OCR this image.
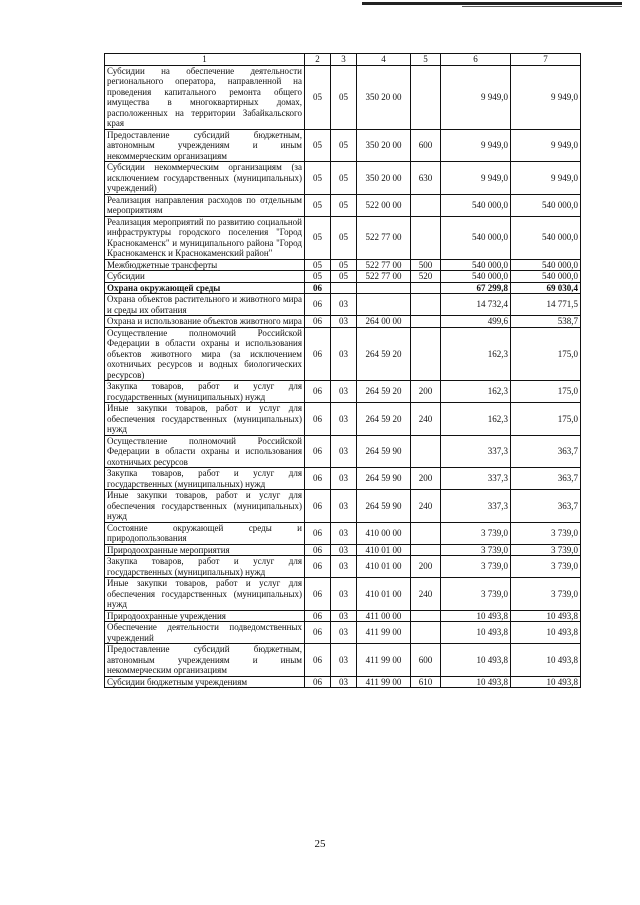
1	2	3	4	5	6	7
Субсидии на обеспечение деятельности регионального оператора, направленной на проведения капитального ремонта общего имущества в многоквартирных домах, расположенных на территории Забайкальского края	05	05	350 20 00		9 949,0	9 949,0
Предоставление субсидий бюджетным, автономным учреждениям и иным некоммерческим организациям	05	05	350 20 00	600	9 949,0	9 949,0
Субсидии некоммерческим организациям (за исключением государственных (муниципальных) учреждений)	05	05	350 20 00	630	9 949,0	9 949,0
Реализация направления расходов по отдельным мероприятиям	05	05	522 00 00		540 000,0	540 000,0
Реализация мероприятий по развитию социальной инфраструктуры городского поселения "Город Краснокаменск" и муниципального района "Город Краснокаменск и Краснокаменский район"	05	05	522 77 00		540 000,0	540 000,0
Межбюджетные трансферты	05	05	522 77 00	500	540 000,0	540 000,0
Субсидии	05	05	522 77 00	520	540 000,0	540 000,0
Охрана окружающей среды	06				67 299,8	69 030,4
Охрана объектов растительного и животного мира и среды их обитания	06	03			14 732,4	14 771,5
Охрана и использование объектов животного мира	06	03	264 00 00		499,6	538,7
Осуществление полномочий Российской Федерации в области охраны и использования объектов животного мира (за исключением охотничьих ресурсов и водных биологических ресурсов)	06	03	264 59 20		162,3	175,0
Закупка товаров, работ и услуг для государственных (муниципальных) нужд	06	03	264 59 20	200	162,3	175,0
Иные закупки товаров, работ и услуг для обеспечения государственных (муниципальных) нужд	06	03	264 59 20	240	162,3	175,0
Осуществление полномочий Российской Федерации в области охраны и использования охотничьих ресурсов	06	03	264 59 90		337,3	363,7
Закупка товаров, работ и услуг для государственных (муниципальных) нужд	06	03	264 59 90	200	337,3	363,7
Иные закупки товаров, работ и услуг для обеспечения государственных (муниципальных) нужд	06	03	264 59 90	240	337,3	363,7
Состояние окружающей среды и природопользования	06	03	410 00 00		3 739,0	3 739,0
Природоохранные мероприятия	06	03	410 01 00		3 739,0	3 739,0
Закупка товаров, работ и услуг для государственных (муниципальных) нужд	06	03	410 01 00	200	3 739,0	3 739,0
Иные закупки товаров, работ и услуг для обеспечения государственных (муниципальных) нужд	06	03	410 01 00	240	3 739,0	3 739,0
Природоохранные учреждения	06	03	411 00 00		10 493,8	10 493,8
Обеспечение деятельности подведомственных учреждений	06	03	411 99 00		10 493,8	10 493,8
Предоставление субсидий бюджетным, автономным учреждениям и иным некоммерческим организациям	06	03	411 99 00	600	10 493,8	10 493,8
Субсидии бюджетным учреждениям	06	03	411 99 00	610	10 493,8	10 493,8
25
